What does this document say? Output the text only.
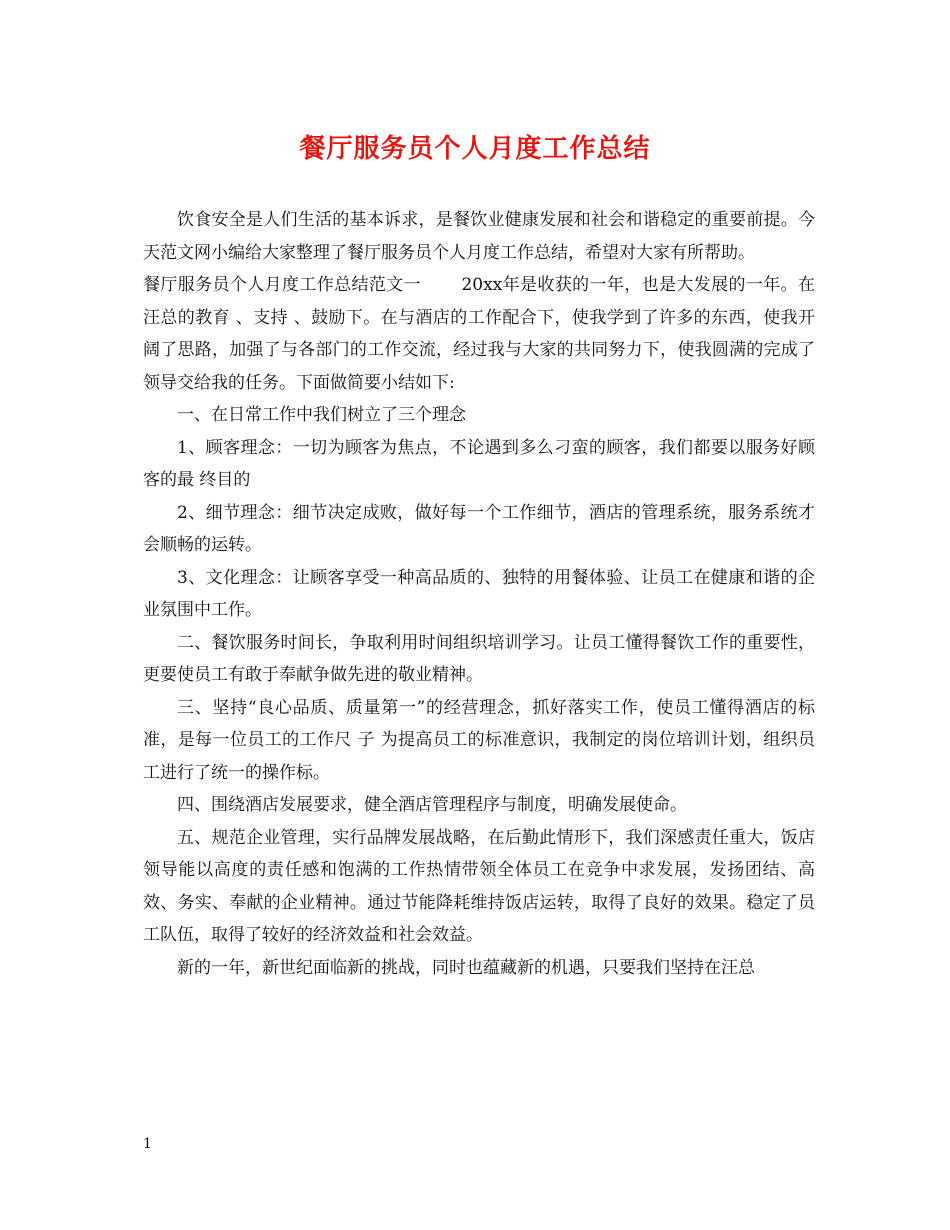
餐厅服务员个人月度工作总结

饮食安全是人们生活的基本诉求，是餐饮业健康发展和社会和谐稳定的重要前提。今天范文网小编给大家整理了餐厅服务员个人月度工作总结，希望对大家有所帮助。

餐厅服务员个人月度工作总结范文一　　 20xx年是收获的一年，也是大发展的一年。在汪总的教育 、支持 、鼓励下。在与酒店的工作配合下，使我学到了许多的东西，使我开阔了思路，加强了与各部门的工作交流，经过我与大家的共同努力下，使我圆满的完成了领导交给我的任务。下面做简要小结如下:

一、在日常工作中我们树立了三个理念

1、顾客理念：一切为顾客为焦点，不论遇到多么刁蛮的顾客，我们都要以服务好顾客的最 终目的

2、细节理念：细节决定成败，做好每一个工作细节，酒店的管理系统，服务系统才会顺畅的运转。

3、文化理念：让顾客享受一种高品质的、独特的用餐体验、让员工在健康和谐的企业氛围中工作。

二、餐饮服务时间长，争取利用时间组织培训学习。让员工懂得餐饮工作的重要性，更要使员工有敢于奉献争做先进的敬业精神。

三、坚持“良心品质、质量第一”的经营理念，抓好落实工作，使员工懂得酒店的标准，是每一位员工的工作尺 子 为提高员工的标准意识，我制定的岗位培训计划，组织员工进行了统一的操作标。

四、围绕酒店发展要求，健全酒店管理程序与制度，明确发展使命。

五、规范企业管理，实行品牌发展战略，在后勤此情形下，我们深感责任重大，饭店领导能以高度的责任感和饱满的工作热情带领全体员工在竞争中求发展，发扬团结、高效、务实、奉献的企业精神。通过节能降耗维持饭店运转，取得了良好的效果。稳定了员工队伍，取得了较好的经济效益和社会效益。

新的一年，新世纪面临新的挑战，同时也蕴藏新的机遇，只要我们坚持在汪总

1
